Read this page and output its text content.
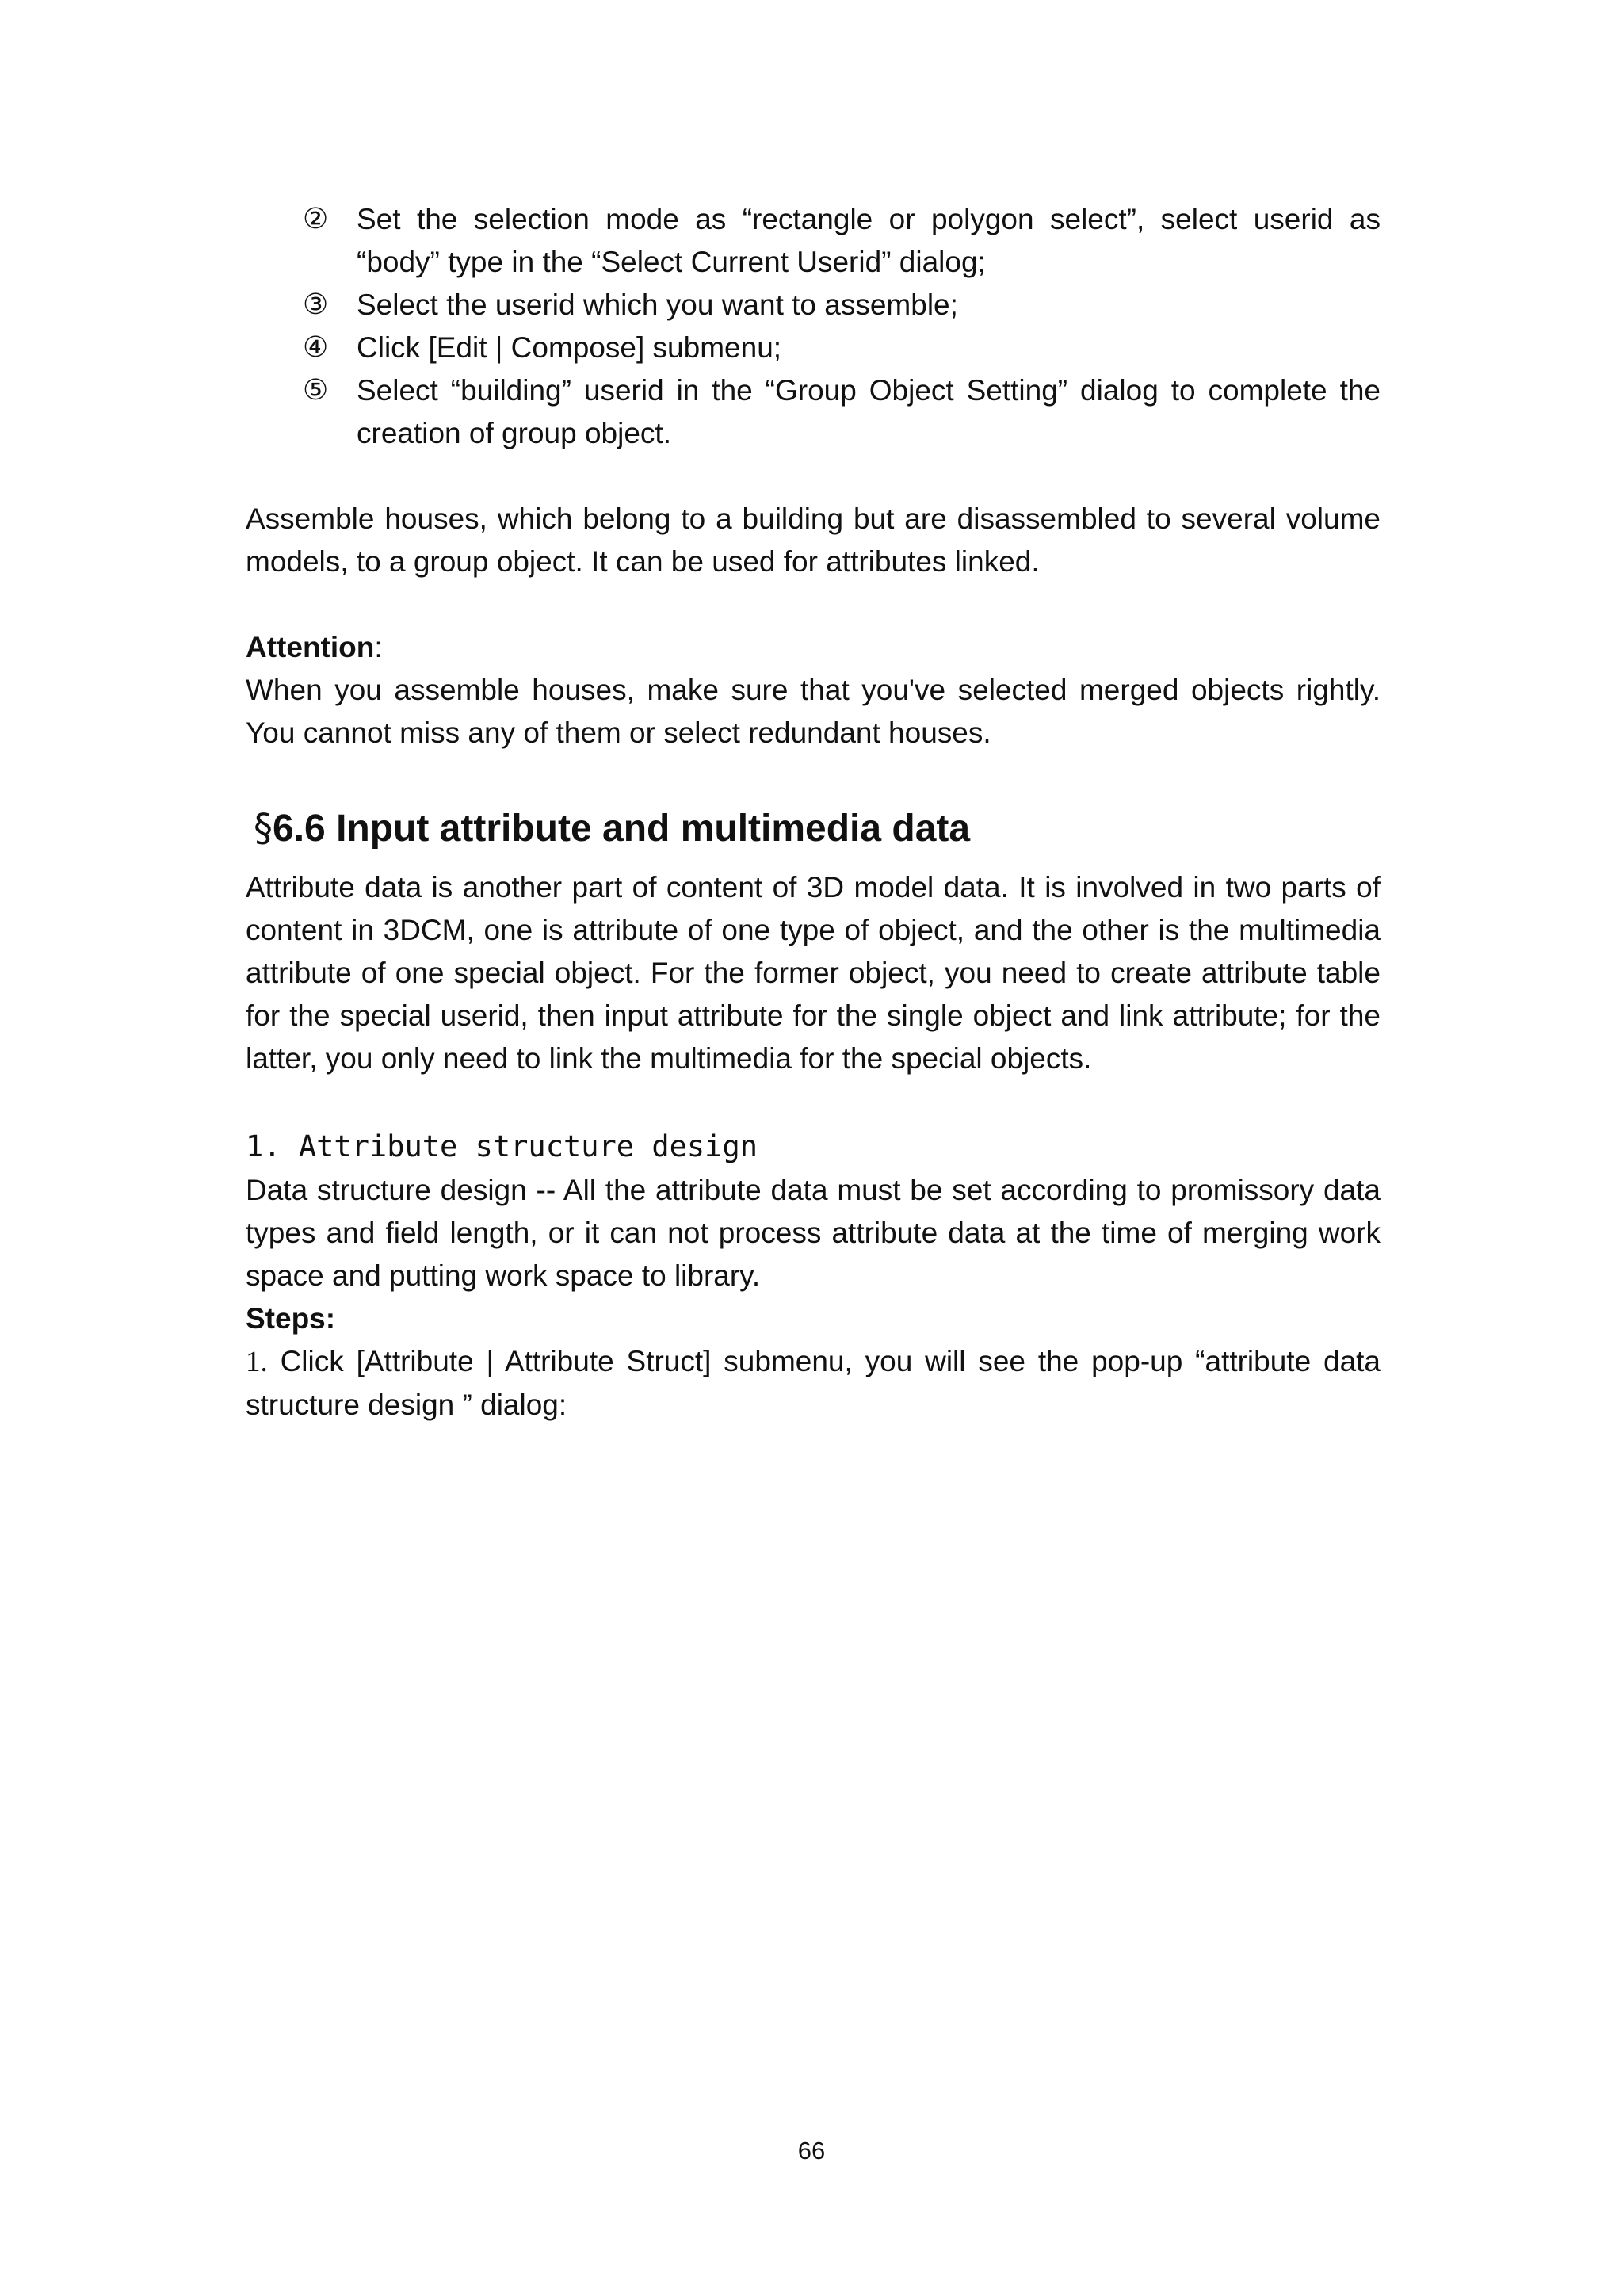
② Set the selection mode as “rectangle or polygon select”, select userid as “body” type in the “Select Current Userid” dialog;
③ Select the userid which you want to assemble;
④ Click [Edit | Compose] submenu;
⑤ Select “building” userid in the “Group Object Setting” dialog to complete the creation of group object.

Assemble houses, which belong to a building but are disassembled to several volume models, to a group object. It can be used for attributes linked.

Attention:

When you assemble houses, make sure that you've selected merged objects rightly. You cannot miss any of them or select redundant houses.

§6.6 Input attribute and multimedia data

Attribute data is another part of content of 3D model data. It is involved in two parts of content in 3DCM, one is attribute of one type of object, and the other is the multimedia attribute of one special object. For the former object, you need to create attribute table for the special userid, then input attribute for the single object and link attribute; for the latter, you only need to link the multimedia for the special objects.

1. Attribute structure design

Data structure design -- All the attribute data must be set according to promissory data types and field length, or it can not process attribute data at the time of merging work space and putting work space to library.

Steps:

1. Click [Attribute | Attribute Struct] submenu, you will see the pop-up “attribute data structure design ” dialog:

66
